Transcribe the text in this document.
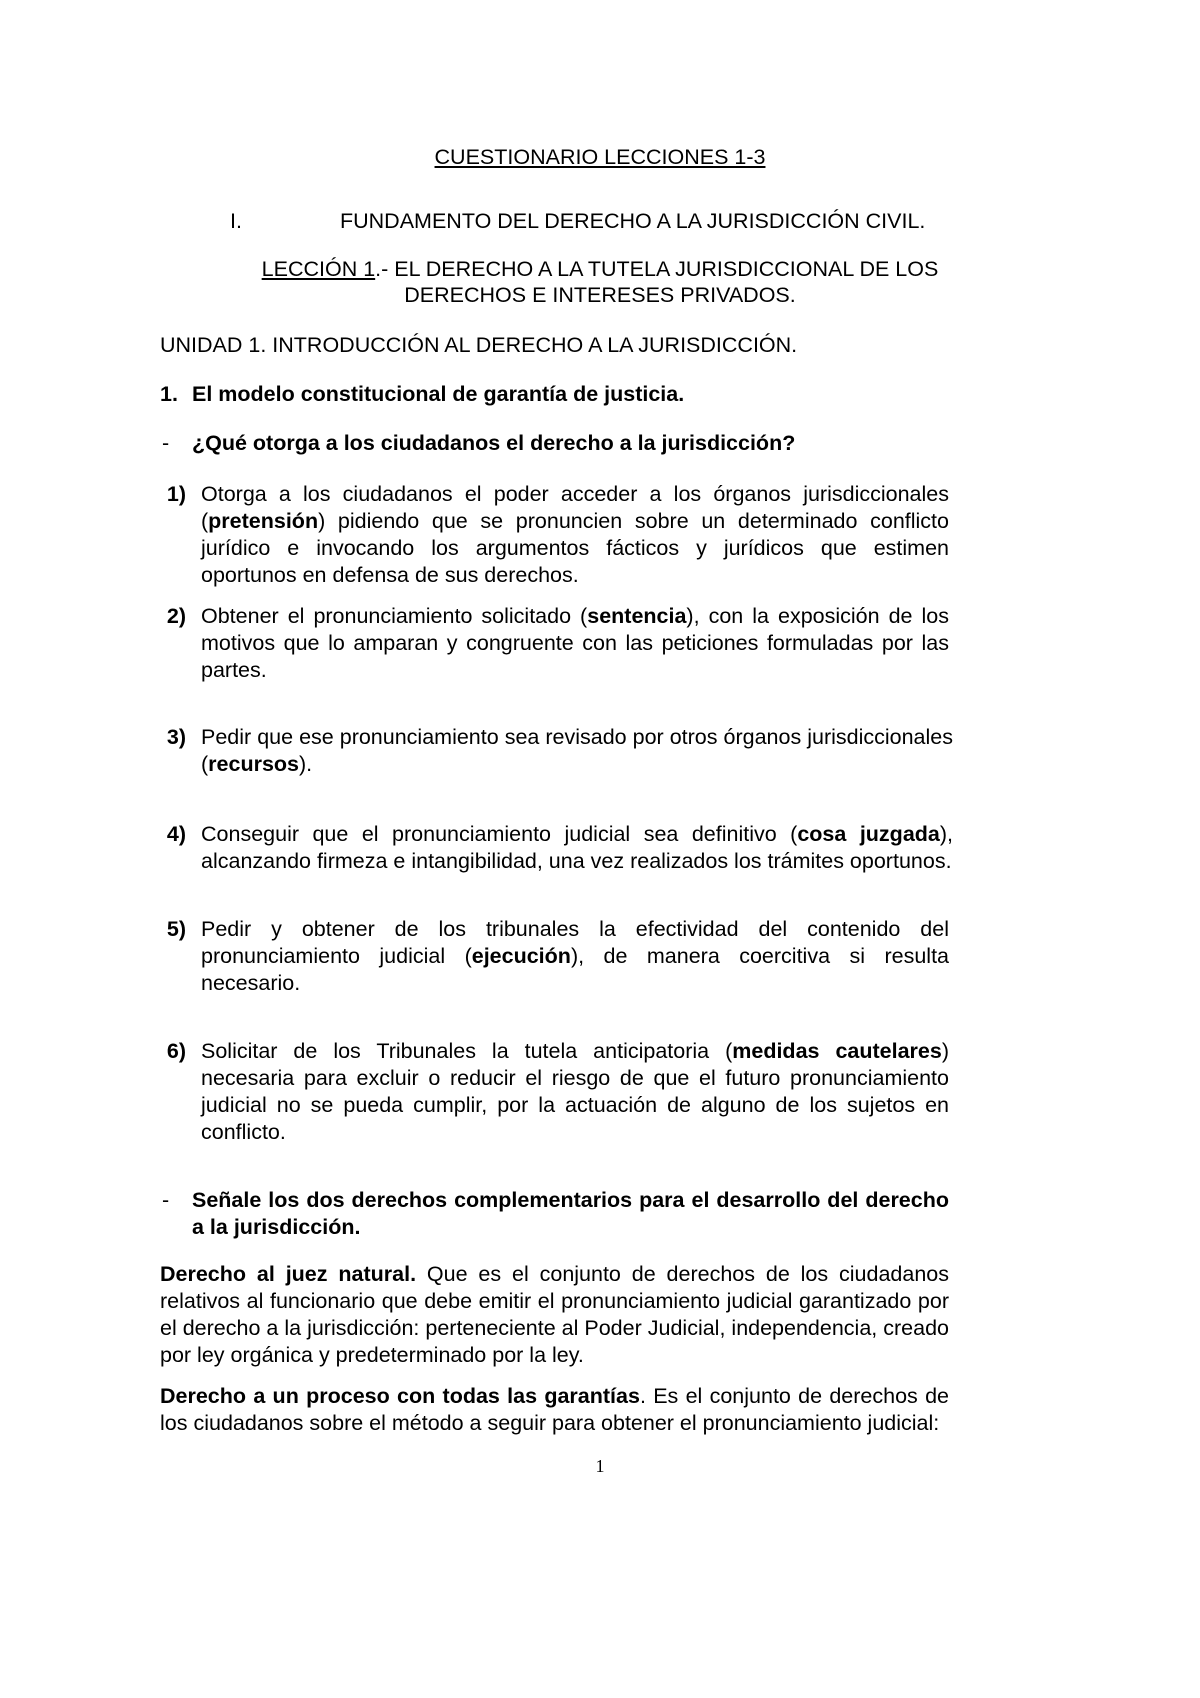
CUESTIONARIO LECCIONES 1-3
I.	FUNDAMENTO DEL DERECHO A LA JURISDICCIÓN CIVIL.
LECCIÓN 1.- EL DERECHO A LA TUTELA JURISDICCIONAL DE LOS
DERECHOS E INTERESES PRIVADOS.
UNIDAD 1. INTRODUCCIÓN AL DERECHO A LA JURISDICCIÓN.
1. El modelo constitucional de garantía de justicia.
- ¿Qué otorga a los ciudadanos el derecho a la jurisdicción?
1) Otorga a los ciudadanos el poder acceder a los órganos jurisdiccionales (pretensión) pidiendo que se pronuncien sobre un determinado conflicto jurídico e invocando los argumentos fácticos y jurídicos que estimen oportunos en defensa de sus derechos.
2) Obtener el pronunciamiento solicitado (sentencia), con la exposición de los motivos que lo amparan y congruente con las peticiones formuladas por las partes.
3) Pedir que ese pronunciamiento sea revisado por otros órganos jurisdiccionales (recursos).
4) Conseguir que el pronunciamiento judicial sea definitivo (cosa juzgada), alcanzando firmeza e intangibilidad, una vez realizados los trámites oportunos.
5) Pedir y obtener de los tribunales la efectividad del contenido del pronunciamiento judicial (ejecución), de manera coercitiva si resulta necesario.
6) Solicitar de los Tribunales la tutela anticipatoria (medidas cautelares) necesaria para excluir o reducir el riesgo de que el futuro pronunciamiento judicial no se pueda cumplir, por la actuación de alguno de los sujetos en conflicto.
- Señale los dos derechos complementarios para el desarrollo del derecho a la jurisdicción.
Derecho al juez natural. Que es el conjunto de derechos de los ciudadanos relativos al funcionario que debe emitir el pronunciamiento judicial garantizado por el derecho a la jurisdicción: perteneciente al Poder Judicial, independencia, creado por ley orgánica y predeterminado por la ley.
Derecho a un proceso con todas las garantías. Es el conjunto de derechos de los ciudadanos sobre el método a seguir para obtener el pronunciamiento judicial:
1
